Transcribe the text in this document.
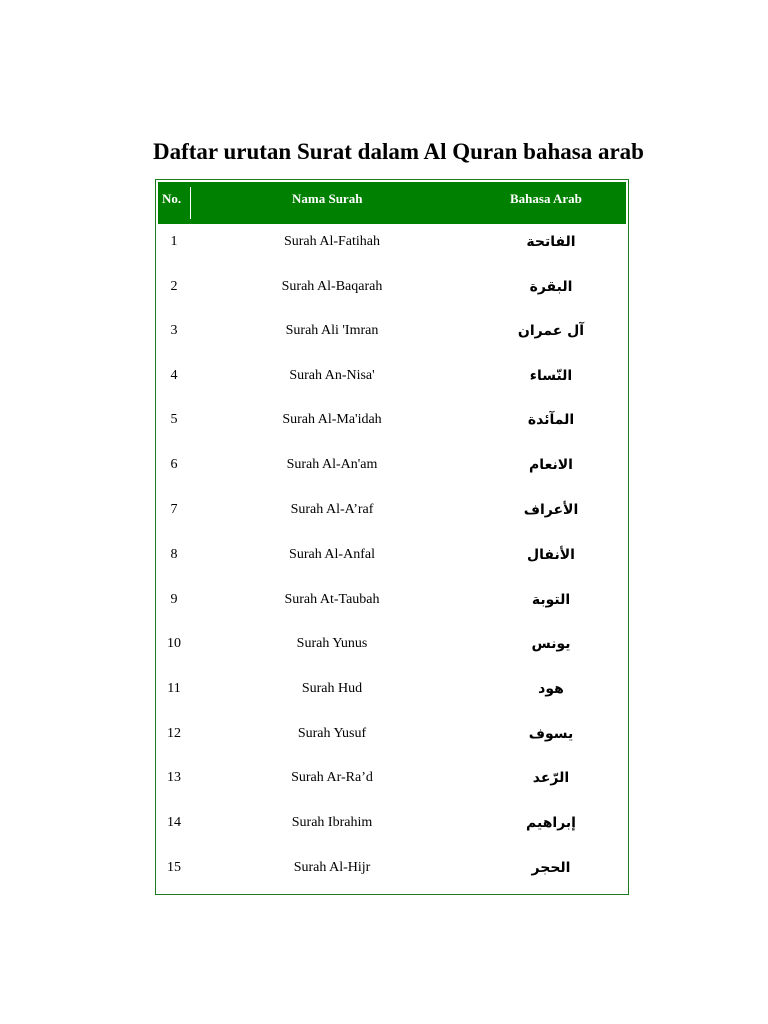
Daftar urutan Surat dalam Al Quran bahasa arab
No.	Nama Surah	Bahasa Arab
1	Surah Al-Fatihah	الفاتحة
2	Surah Al-Baqarah	البقرة
3	Surah Ali 'Imran	آل عمران
4	Surah An-Nisa'	النّساء
5	Surah Al-Ma'idah	المآئدة
6	Surah Al-An'am	الانعام
7	Surah Al-A’raf	الأعراف
8	Surah Al-Anfal	الأنفال
9	Surah At-Taubah	التوبة
10	Surah Yunus	يونس
11	Surah Hud	هود
12	Surah Yusuf	يسوف
13	Surah Ar-Ra’d	الرّعد
14	Surah Ibrahim	إبراهيم
15	Surah Al-Hijr	الحجر
